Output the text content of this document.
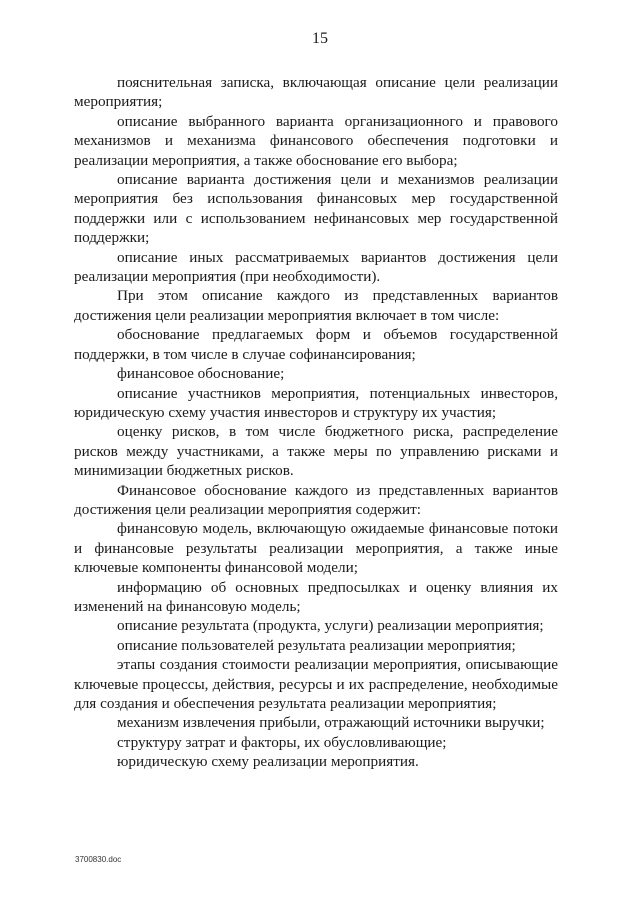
15

пояснительная записка, включающая описание цели реализации мероприятия;

описание выбранного варианта организационного и правового механизмов и механизма финансового обеспечения подготовки и реализации мероприятия, а также обоснование его выбора;

описание варианта достижения цели и механизмов реализации мероприятия без использования финансовых мер государственной поддержки или с использованием нефинансовых мер государственной поддержки;

описание иных рассматриваемых вариантов достижения цели реализации мероприятия (при необходимости).

При этом описание каждого из представленных вариантов достижения цели реализации мероприятия включает в том числе:

обоснование предлагаемых форм и объемов государственной поддержки, в том числе в случае софинансирования;

финансовое обоснование;

описание участников мероприятия, потенциальных инвесторов, юридическую схему участия инвесторов и структуру их участия;

оценку рисков, в том числе бюджетного риска, распределение рисков между участниками, а также меры по управлению рисками и минимизации бюджетных рисков.

Финансовое обоснование каждого из представленных вариантов достижения цели реализации мероприятия содержит:

финансовую модель, включающую ожидаемые финансовые потоки и финансовые результаты реализации мероприятия, а также иные ключевые компоненты финансовой модели;

информацию об основных предпосылках и оценку влияния их изменений на финансовую модель;

описание результата (продукта, услуги) реализации мероприятия;

описание пользователей результата реализации мероприятия;

этапы создания стоимости реализации мероприятия, описывающие ключевые процессы, действия, ресурсы и их распределение, необходимые для создания и обеспечения результата реализации мероприятия;

механизм извлечения прибыли, отражающий источники выручки;

структуру затрат и факторы, их обусловливающие;

юридическую схему реализации мероприятия.

3700830.doc
